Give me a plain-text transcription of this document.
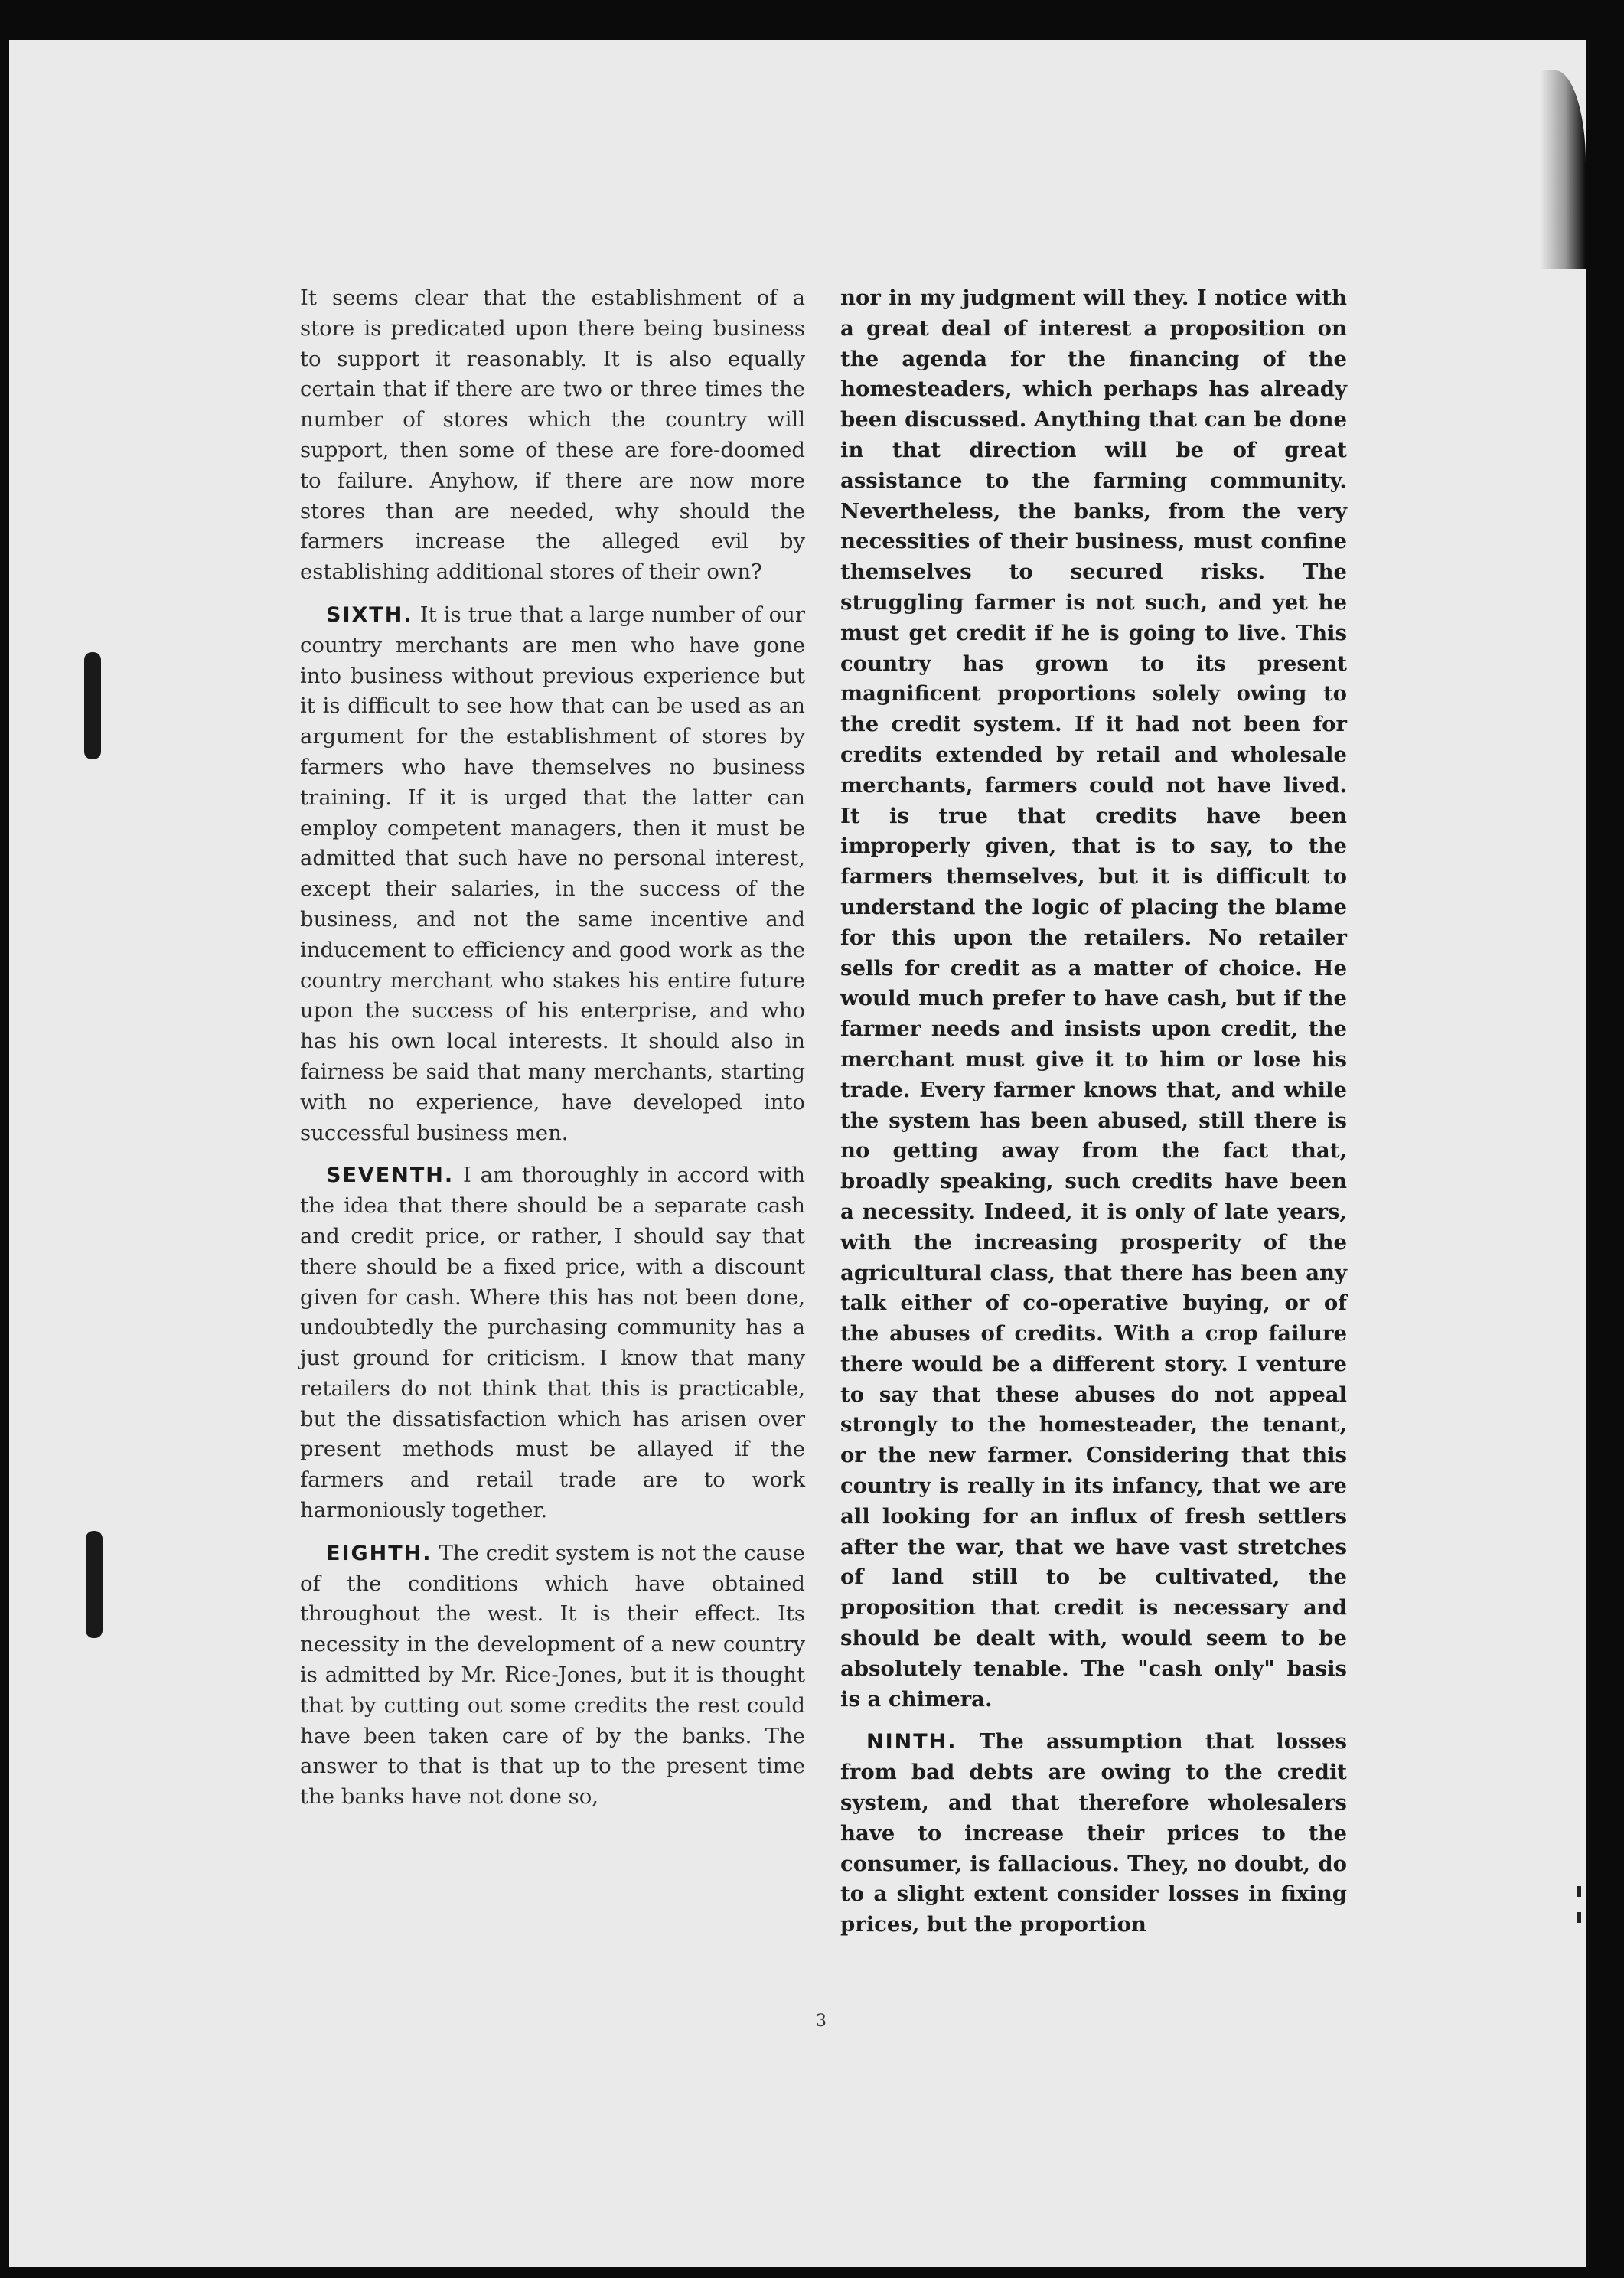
It seems clear that the establishment of a store is predicated upon there being business to support it reasonably. It is also equally certain that if there are two or three times the number of stores which the country will support, then some of these are fore-doomed to failure. Anyhow, if there are now more stores than are needed, why should the farmers increase the alleged evil by establishing additional stores of their own?

SIXTH. It is true that a large number of our country merchants are men who have gone into business without previous experience but it is difficult to see how that can be used as an argument for the establishment of stores by farmers who have themselves no business training. If it is urged that the latter can employ competent managers, then it must be admitted that such have no personal interest, except their salaries, in the success of the business, and not the same incentive and inducement to efficiency and good work as the country merchant who stakes his entire future upon the success of his enterprise, and who has his own local interests. It should also in fairness be said that many merchants, starting with no experience, have developed into successful business men.

SEVENTH. I am thoroughly in accord with the idea that there should be a separate cash and credit price, or rather, I should say that there should be a fixed price, with a discount given for cash. Where this has not been done, undoubtedly the purchasing community has a just ground for criticism. I know that many retailers do not think that this is practicable, but the dissatisfaction which has arisen over present methods must be allayed if the farmers and retail trade are to work harmoniously together.

EIGHTH. The credit system is not the cause of the conditions which have obtained throughout the west. It is their effect. Its necessity in the development of a new country is admitted by Mr. Rice-Jones, but it is thought that by cutting out some credits the rest could have been taken care of by the banks. The answer to that is that up to the present time the banks have not done so,

nor in my judgment will they. I notice with a great deal of interest a proposition on the agenda for the financing of the homesteaders, which perhaps has already been discussed. Anything that can be done in that direction will be of great assistance to the farming community. Nevertheless, the banks, from the very necessities of their business, must confine themselves to secured risks. The struggling farmer is not such, and yet he must get credit if he is going to live. This country has grown to its present magnificent proportions solely owing to the credit system. If it had not been for credits extended by retail and wholesale merchants, farmers could not have lived. It is true that credits have been improperly given, that is to say, to the farmers themselves, but it is difficult to understand the logic of placing the blame for this upon the retailers. No retailer sells for credit as a matter of choice. He would much prefer to have cash, but if the farmer needs and insists upon credit, the merchant must give it to him or lose his trade. Every farmer knows that, and while the system has been abused, still there is no getting away from the fact that, broadly speaking, such credits have been a necessity. Indeed, it is only of late years, with the increasing prosperity of the agricultural class, that there has been any talk either of co-operative buying, or of the abuses of credits. With a crop failure there would be a different story. I venture to say that these abuses do not appeal strongly to the homesteader, the tenant, or the new farmer. Considering that this country is really in its infancy, that we are all looking for an influx of fresh settlers after the war, that we have vast stretches of land still to be cultivated, the proposition that credit is necessary and should be dealt with, would seem to be absolutely tenable. The "cash only" basis is a chimera.

NINTH. The assumption that losses from bad debts are owing to the credit system, and that therefore wholesalers have to increase their prices to the consumer, is fallacious. They, no doubt, do to a slight extent consider losses in fixing prices, but the proportion

3
